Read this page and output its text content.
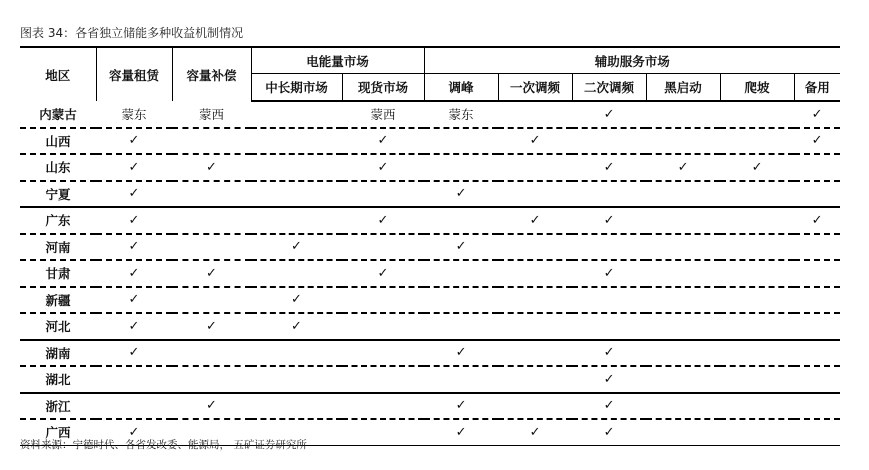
图表 34：各省独立储能多种收益机制情况
地区	容量租赁	容量补偿	电能量市场		辅助服务市场					
			中长期市场	现货市场	调峰	一次调频	二次调频	黑启动	爬坡	备用
内蒙古	蒙东	蒙西		蒙西	蒙东		✓			✓
山西	✓			✓		✓				✓
山东	✓	✓		✓			✓	✓	✓	
宁夏	✓				✓					
广东	✓			✓		✓	✓			✓
河南	✓		✓		✓					
甘肃	✓	✓		✓			✓			
新疆	✓		✓							
河北	✓	✓	✓							
湖南	✓				✓		✓			
湖北							✓			
浙江		✓			✓		✓			
广西	✓				✓	✓	✓			
资料来源：宁德时代、各省发改委、能源局， 五矿证券研究所
